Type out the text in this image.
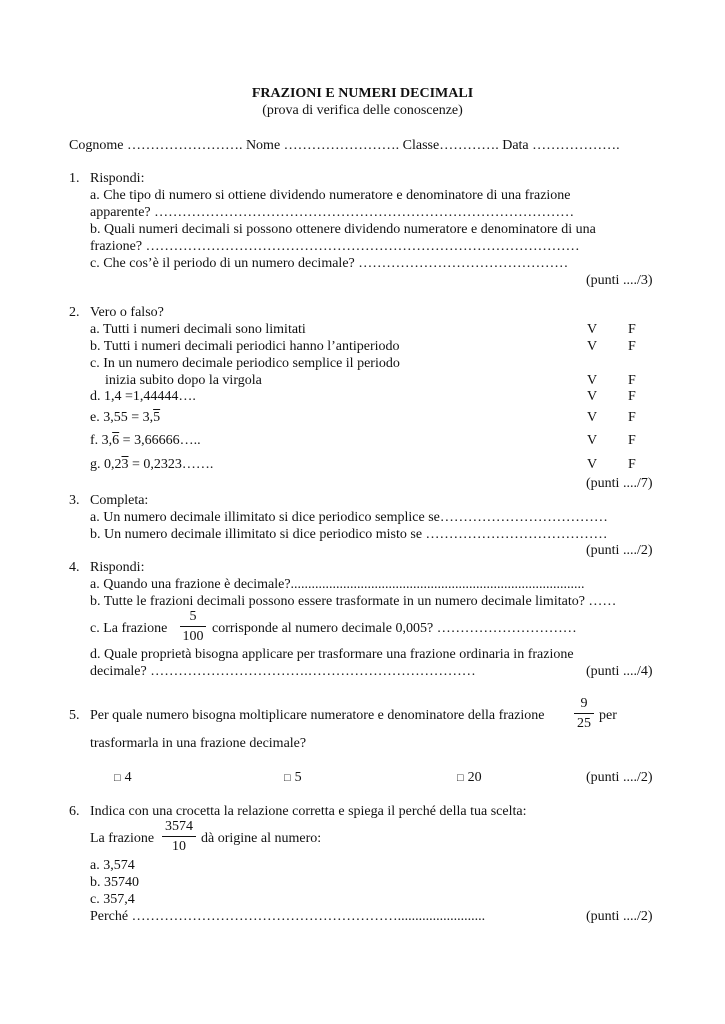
FRAZIONI E NUMERI DECIMALI
(prova di verifica delle conoscenze)
Cognome ……………………. Nome ……………………. Classe…………. Data ……………….
1. Rispondi:
a. Che tipo di numero si ottiene dividendo numeratore e denominatore di una frazione
apparente? ………………………………………………………………………………
b. Quali numeri decimali si possono ottenere dividendo numeratore e denominatore di una
frazione? …………………………………………………………………………………
c. Che cos’è il periodo di un numero decimale? ………………………………………
(punti ..../3)
2. Vero o falso?
a. Tutti i numeri decimali sono limitati	V F
b. Tutti i numeri decimali periodici hanno l’antiperiodo	V F
c. In un numero decimale periodico semplice il periodo
inizia subito dopo la virgola	V F
d. 1,4 =1,44444….	V F
e. 3,55 = 3,5	V F
f. 3,6 = 3,66666…..	V F
g. 0,23 = 0,2323…….	V F
(punti ..../7)
3. Completa:
a. Un numero decimale illimitato si dice periodico semplice se………………………………
b. Un numero decimale illimitato si dice periodico misto se …………………………………
(punti ..../2)
4. Rispondi:
a. Quando una frazione è decimale?....................................................................................
b. Tutte le frazioni decimali possono essere trasformate in un numero decimale limitato? ……
c. La frazione
5
100
corrisponde al numero decimale 0,005? …………………………
d. Quale proprietà bisogna applicare per trasformare una frazione ordinaria in frazione
decimale? …………………………….………………………………	(punti ..../4)
5. Per quale numero bisogna moltiplicare numeratore e denominatore della frazione
9
25
per
trasformarla in una frazione decimale?
□ 4	□ 5	□ 20	(punti ..../2)
6. Indica con una crocetta la relazione corretta e spiega il perché della tua scelta:
La frazione
3574
10
dà origine al numero:
a. 3,574
b. 35740
c. 357,4
Perché ………………………………………………….........................	(punti ..../2)
